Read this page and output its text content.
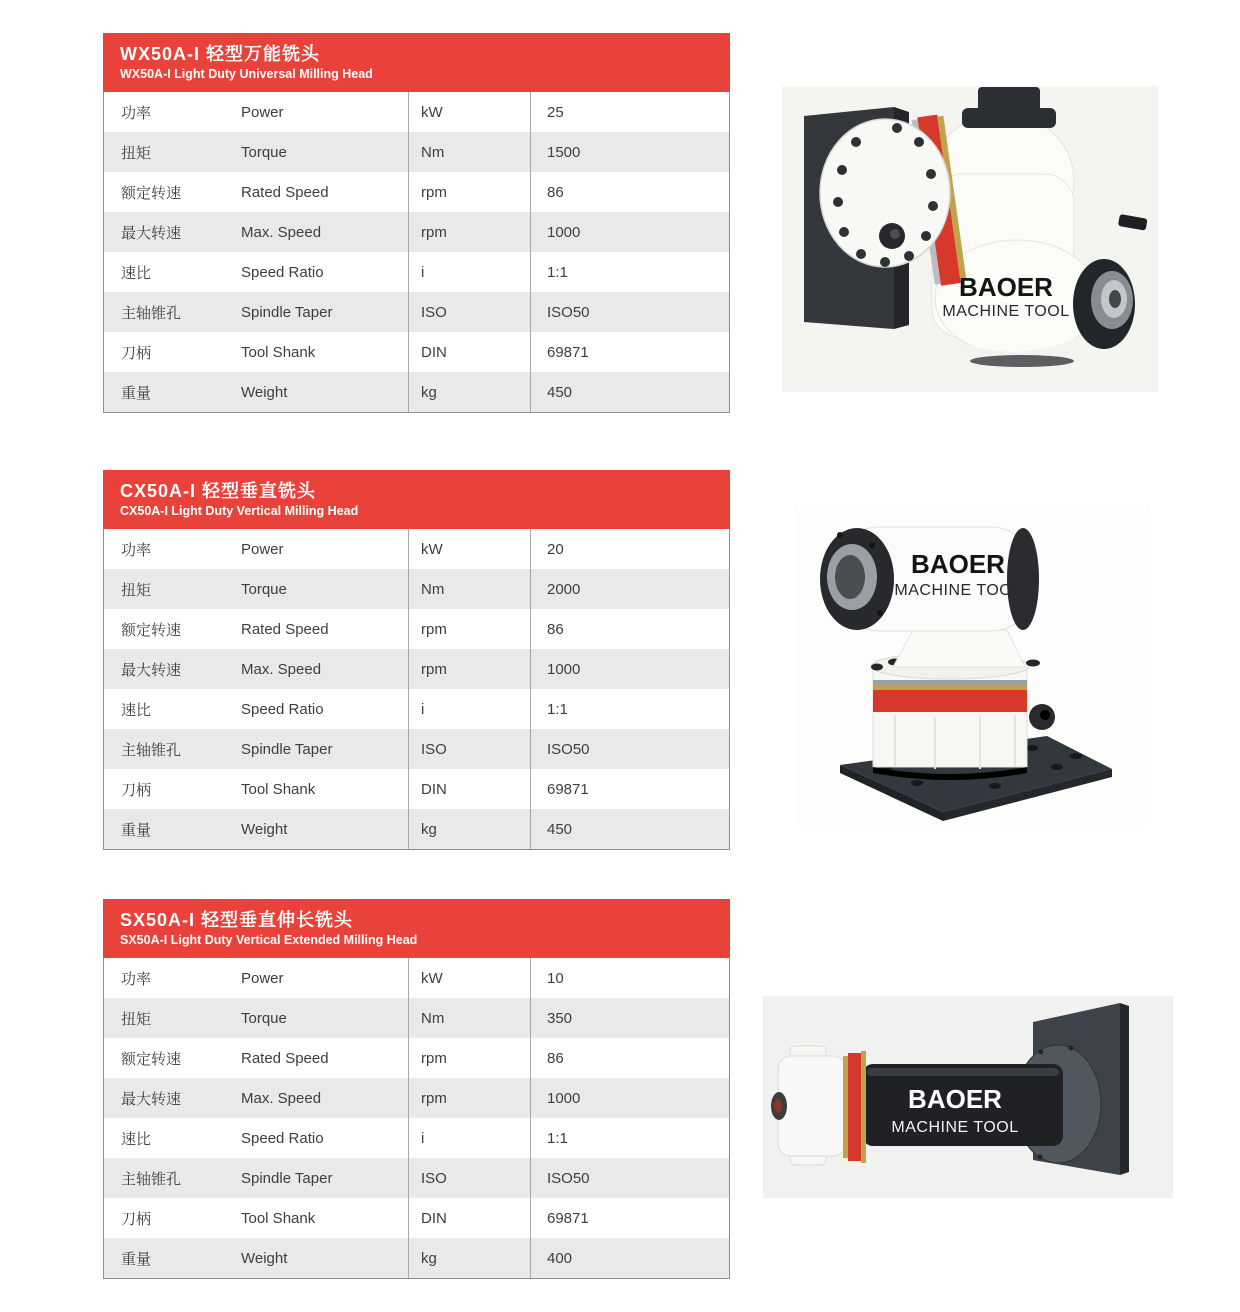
WX50A-I 轻型万能铣头
WX50A-I Light Duty Universal Milling Head
功率	Power	kW	25
扭矩	Torque	Nm	1500
额定转速	Rated Speed	rpm	86
最大转速	Max. Speed	rpm	1000
速比	Speed Ratio	i	1:1
主轴锥孔	Spindle Taper	ISO	ISO50
刀柄	Tool Shank	DIN	69871
重量	Weight	kg	450
CX50A-I 轻型垂直铣头
CX50A-I Light Duty Vertical Milling Head
功率	Power	kW	20
扭矩	Torque	Nm	2000
额定转速	Rated Speed	rpm	86
最大转速	Max. Speed	rpm	1000
速比	Speed Ratio	i	1:1
主轴锥孔	Spindle Taper	ISO	ISO50
刀柄	Tool Shank	DIN	69871
重量	Weight	kg	450
SX50A-I 轻型垂直伸长铣头
SX50A-I Light Duty Vertical Extended Milling Head
功率	Power	kW	10
扭矩	Torque	Nm	350
额定转速	Rated Speed	rpm	86
最大转速	Max. Speed	rpm	1000
速比	Speed Ratio	i	1:1
主轴锥孔	Spindle Taper	ISO	ISO50
刀柄	Tool Shank	DIN	69871
重量	Weight	kg	400
BAOER
MACHINE TOOL
BAOER
MACHINE TOOL
BAOER
MACHINE TOOL
